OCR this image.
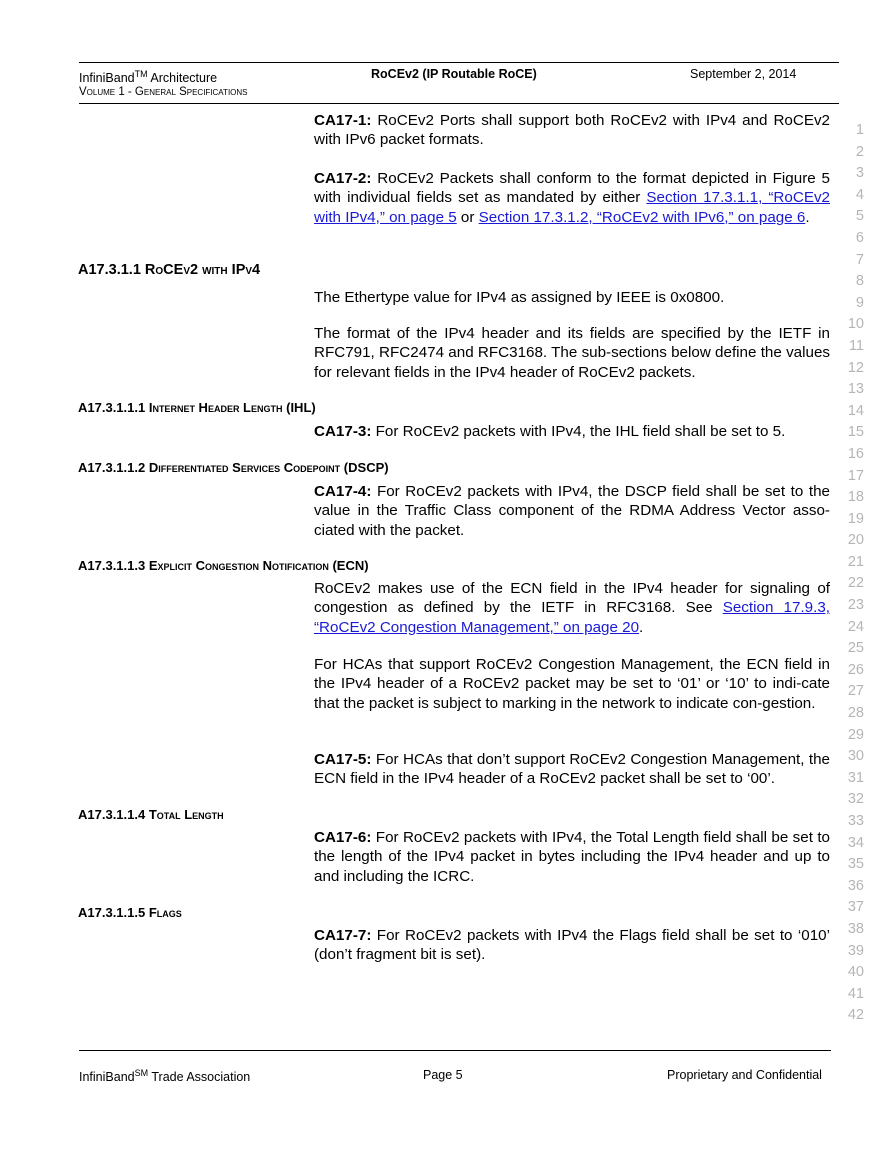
InfiniBand™ Architecture
Volume 1 - General Specifications
RoCEv2 (IP Routable RoCE)	September 2, 2014
CA17-1: RoCEv2 Ports shall support both RoCEv2 with IPv4 and RoCEv2 with IPv6 packet formats.
CA17-2: RoCEv2 Packets shall conform to the format depicted in Figure 5 with individual fields set as mandated by either Section 17.3.1.1, “RoCEv2 with IPv4,” on page 5 or Section 17.3.1.2, “RoCEv2 with IPv6,” on page 6.
A17.3.1.1 RoCEv2 with IPv4
The Ethertype value for IPv4 as assigned by IEEE is 0x0800.
The format of the IPv4 header and its fields are specified by the IETF in RFC791, RFC2474 and RFC3168. The sub-sections below define the values for relevant fields in the IPv4 header of RoCEv2 packets.
A17.3.1.1.1 Internet Header Length (IHL)
CA17-3: For RoCEv2 packets with IPv4, the IHL field shall be set to 5.
A17.3.1.1.2 Differentiated Services Codepoint (DSCP)
CA17-4: For RoCEv2 packets with IPv4, the DSCP field shall be set to the value in the Traffic Class component of the RDMA Address Vector asso-ciated with the packet.
A17.3.1.1.3 Explicit Congestion Notification (ECN)
RoCEv2 makes use of the ECN field in the IPv4 header for signaling of congestion as defined by the IETF in RFC3168. See Section 17.9.3, “RoCEv2 Congestion Management,” on page 20.
For HCAs that support RoCEv2 Congestion Management, the ECN field in the IPv4 header of a RoCEv2 packet may be set to ‘01’ or ‘10’ to indi-cate that the packet is subject to marking in the network to indicate con-gestion.
CA17-5: For HCAs that don’t support RoCEv2 Congestion Management, the ECN field in the IPv4 header of a RoCEv2 packet shall be set to ‘00’.
A17.3.1.1.4 Total Length
CA17-6: For RoCEv2 packets with IPv4, the Total Length field shall be set to the length of the IPv4 packet in bytes including the IPv4 header and up to and including the ICRC.
A17.3.1.1.5 Flags
CA17-7: For RoCEv2 packets with IPv4 the Flags field shall be set to ‘010’ (don’t fragment bit is set).
1
2
3
4
5
6
7
8
9
10
11
12
13
14
15
16
17
18
19
20
21
22
23
24
25
26
27
28
29
30
31
32
33
34
35
36
37
38
39
40
41
42
InfiniBand℠ Trade Association	Page 5	Proprietary and Confidential
